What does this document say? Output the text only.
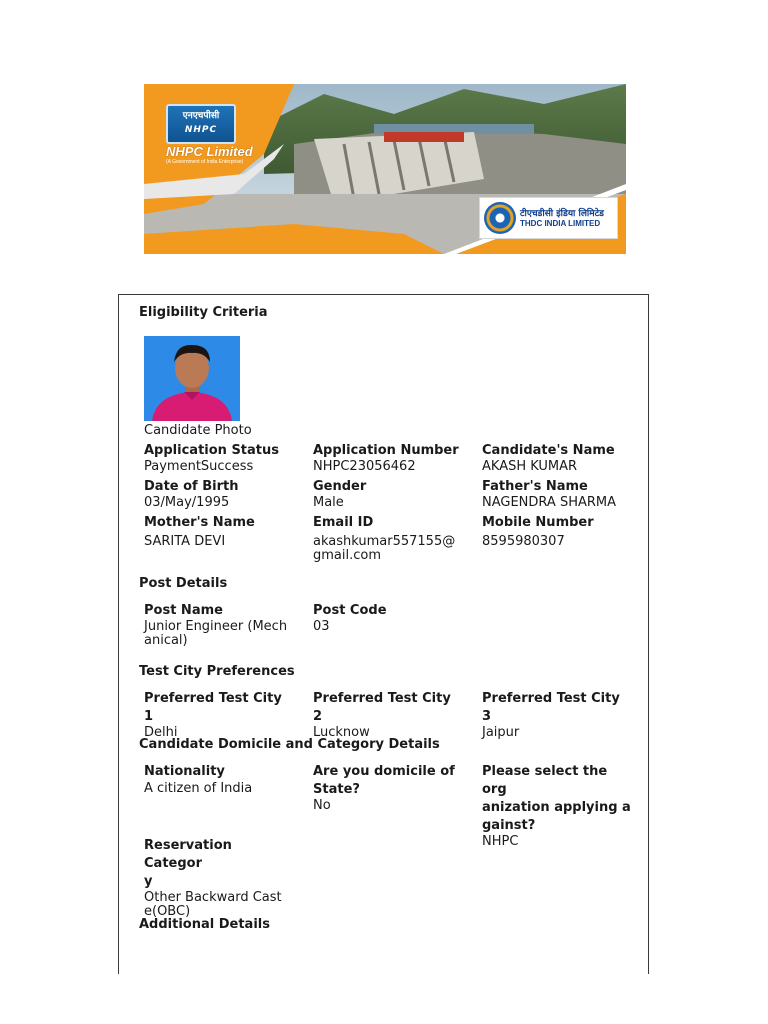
एनएचपीसी
NHPC
NHPC Limited
(A Government of India Enterprise)
टीएचडीसी इंडिया लिमिटेड
THDC INDIA LIMITED
Eligibility Criteria
Candidate Photo
Application Status
PaymentSuccess
Application Number
NHPC23056462
Candidate's Name
AKASH KUMAR
Date of Birth
03/May/1995
Gender
Male
Father's Name
NAGENDRA SHARMA
Mother's Name
SARITA DEVI
Email ID
akashkumar557155@
gmail.com
Mobile Number
8595980307
Post Details
Post Name
Junior Engineer (Mech
anical)
Post Code
03
Test City Preferences
Preferred Test City 1
Delhi
Preferred Test City 2
Lucknow
Preferred Test City 3
Jaipur
Candidate Domicile and Category Details
Nationality
A citizen of India
Are you domicile of
State?
No
Please select the org
anization applying a
gainst?
NHPC
Reservation Categor
y
Other Backward Cast
e(OBC)
Additional Details
